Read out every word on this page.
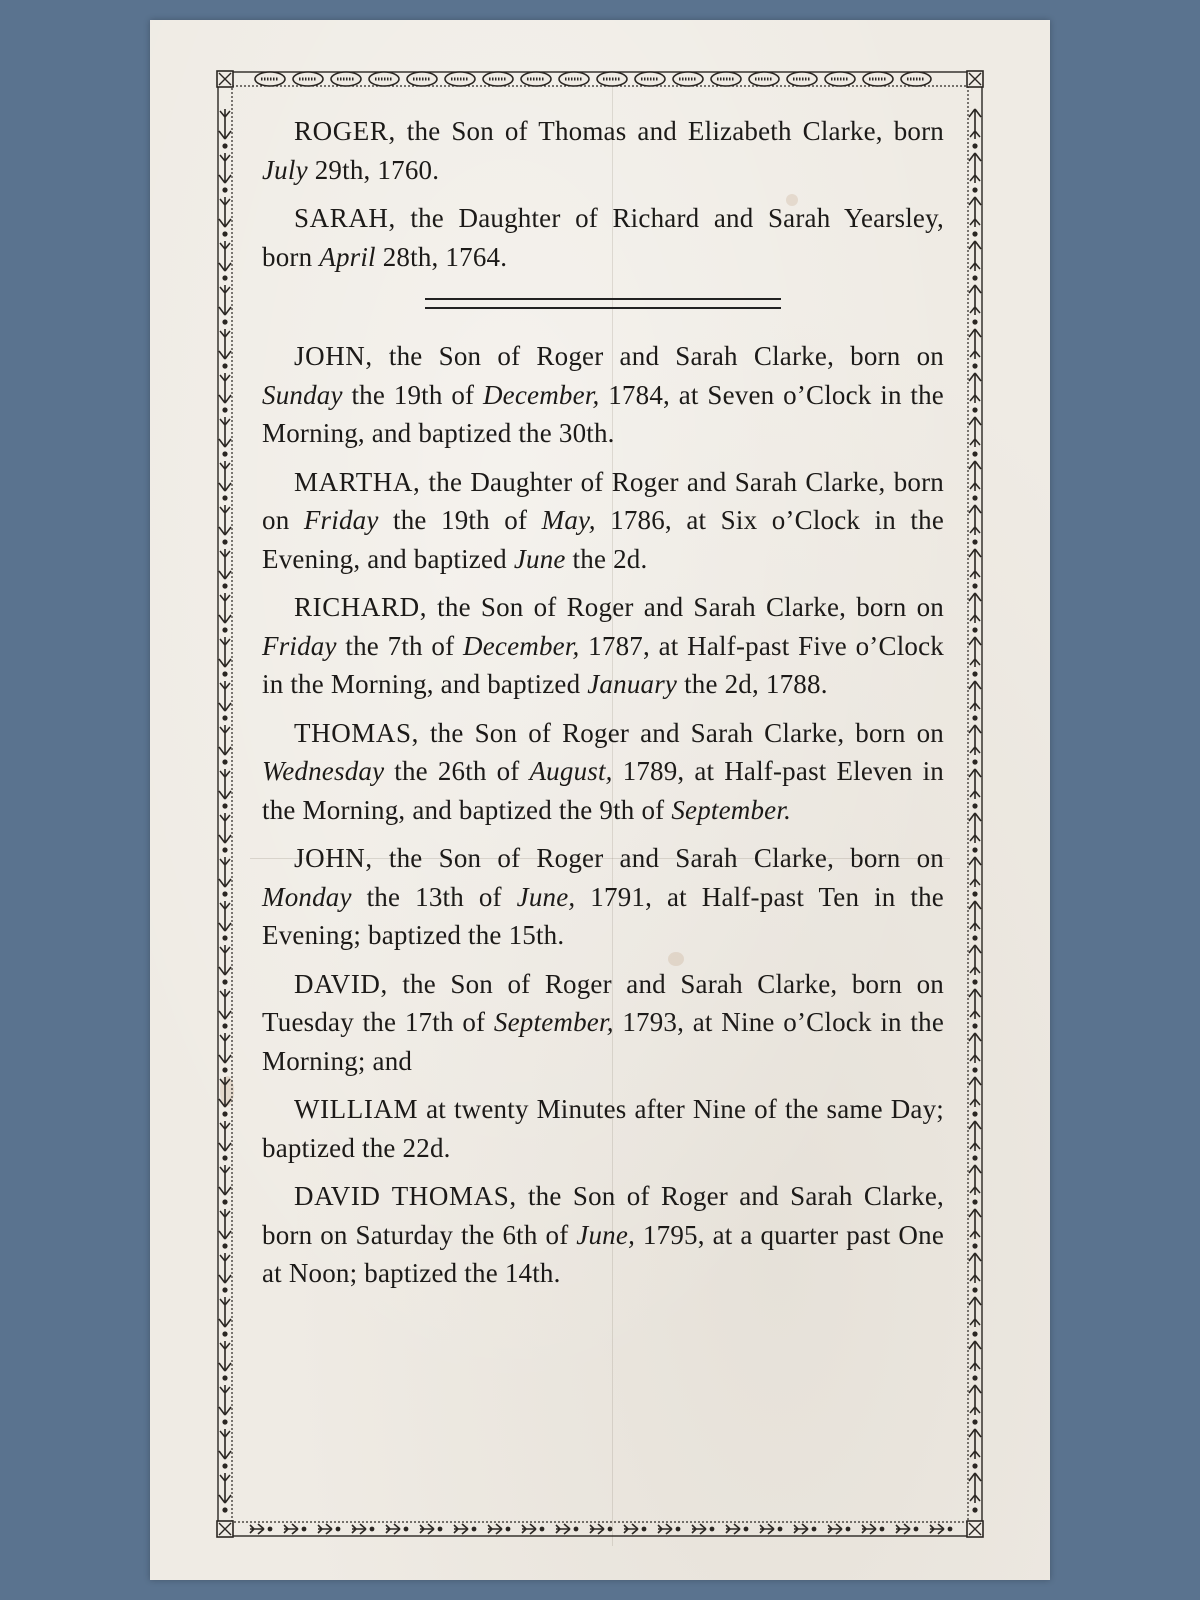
ROGER, the Son of Thomas and Elizabeth Clarke, born July 29th, 1760.

SARAH, the Daughter of Richard and Sarah Yearsley, born April 28th, 1764.

JOHN, the Son of Roger and Sarah Clarke, born on Sunday the 19th of December, 1784, at Seven o’Clock in the Morning, and baptized the 30th.

MARTHA, the Daughter of Roger and Sarah Clarke, born on Friday the 19th of May, 1786, at Six o’Clock in the Evening, and baptized June the 2d.

RICHARD, the Son of Roger and Sarah Clarke, born on Friday the 7th of December, 1787, at Half-past Five o’Clock in the Morning, and baptized January the 2d, 1788.

THOMAS, the Son of Roger and Sarah Clarke, born on Wednesday the 26th of August, 1789, at Half-past Eleven in the Morning, and baptized the 9th of September.

JOHN, the Son of Roger and Sarah Clarke, born on Monday the 13th of June, 1791, at Half-past Ten in the Evening; baptized the 15th.

DAVID, the Son of Roger and Sarah Clarke, born on Tuesday the 17th of September, 1793, at Nine o’Clock in the Morning; and

WILLIAM at twenty Minutes after Nine of the same Day; baptized the 22d.

DAVID THOMAS, the Son of Roger and Sarah Clarke, born on Saturday the 6th of June, 1795, at a quarter past One at Noon; baptized the 14th.
